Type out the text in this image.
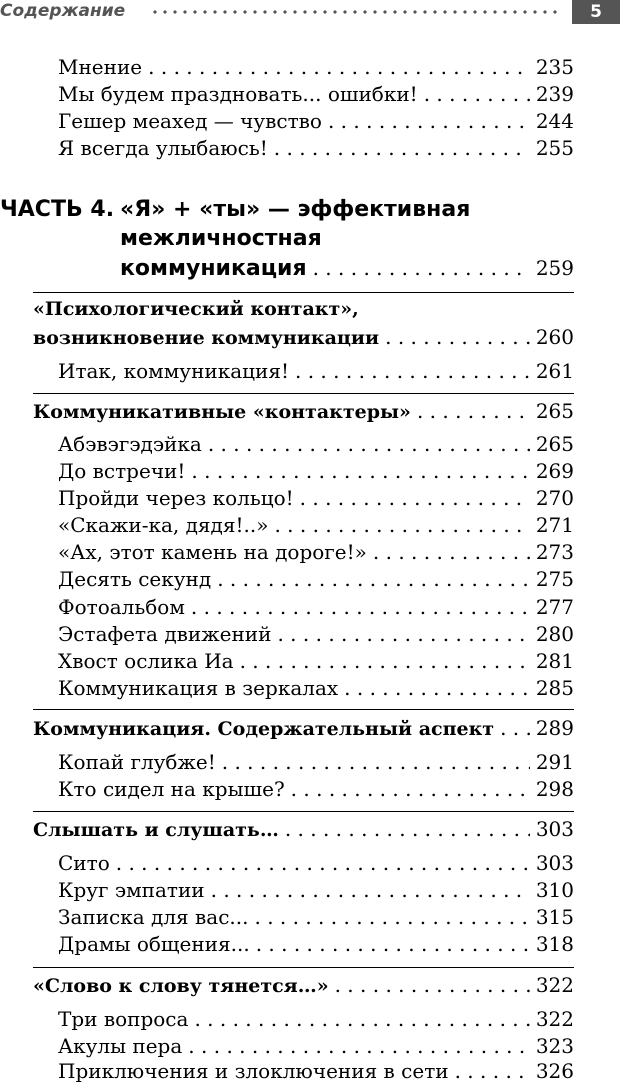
Содержание	5
Мнение . . .	235
Мы будем праздновать... ошибки! . . .	239
Гешер меахед — чувство . . .	244
Я всегда улыбаюсь! . . .	255
ЧАСТЬ 4. «Я» + «ты» — эффективная
межличностная
коммуникация . . .	259
«Психологический контакт»,
возникновение коммуникации . . .	260
Итак, коммуникация! . . .	261
Коммуникативные «контактеры» . . .	265
Абэвэгэдэйка . . .	265
До встречи! . . .	269
Пройди через кольцо! . . .	270
«Скажи-ка, дядя!..» . . .	271
«Ах, этот камень на дороге!» . . .	273
Десять секунд . . .	275
Фотоальбом . . .	277
Эстафета движений . . .	280
Хвост ослика Иа . . .	281
Коммуникация в зеркалах . . .	285
Коммуникация. Содержательный аспект . . . 289
Копай глубже! . . .	291
Кто сидел на крыше? . . .	298
Слышать и слушать… . . .	303
Сито . . .	303
Круг эмпатии . . .	310
Записка для вас... . . .	315
Драмы общения... . . .	318
«Слово к слову тянется…» . . .	322
Три вопроса . . .	322
Акулы пера . . .	323
Приключения и злоключения в сети . . .	326
